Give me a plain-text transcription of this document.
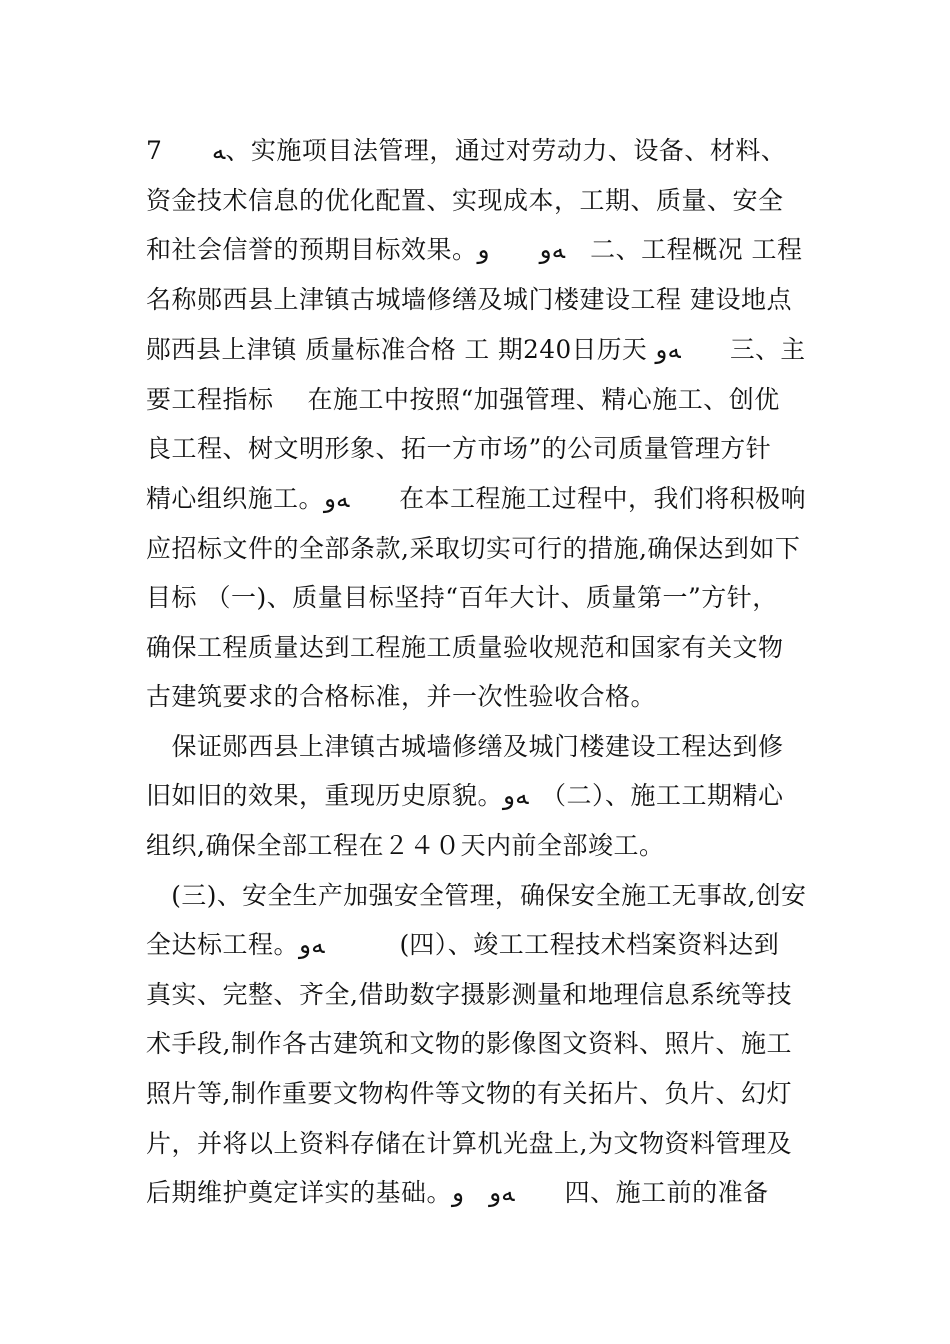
7　　ﻪ、实施项目法管理，通过对劳动力、设备、材料、
资金技术信息的优化配置、实现成本，工期、质量、安全
和社会信誉的预期目标效果。ﻪﻭ　　ﻭ　二、工程概况 工程
名称郧西县上津镇古城墙修缮及城门楼建设工程 建设地点
郧西县上津镇 质量标准合格 工 期240日历天 ﻪﻭ　　三、主
要工程指标　 在施工中按照“加强管理、精心施工、创优
良工程、树文明形象、拓一方市场”的公司质量管理方针
精心组织施工。ﻪﻭ　　在本工程施工过程中，我们将积极响
应招标文件的全部条款,采取切实可行的措施,确保达到如下
目标 （一)、质量目标坚持“百年大计、质量第一”方针，
确保工程质量达到工程施工质量验收规范和国家有关文物
古建筑要求的合格标准，并一次性验收合格。
　保证郧西县上津镇古城墙修缮及城门楼建设工程达到修
旧如旧的效果，重现历史原貌。ﻪﻭ　（二）、施工工期精心
组织,确保全部工程在２４０天内前全部竣工。
　(三)、安全生产加强安全管理，确保安全施工无事故,创安
全达标工程。ﻪﻭ　　　(四）、竣工工程技术档案资料达到
真实、完整、齐全,借助数字摄影测量和地理信息系统等技
术手段,制作各古建筑和文物的影像图文资料、照片、施工
照片等,制作重要文物构件等文物的有关拓片、负片、幻灯
片，并将以上资料存储在计算机光盘上,为文物资料管理及
后期维护奠定详实的基础。ﻪﻭ　ﻭ　　四、施工前的准备
